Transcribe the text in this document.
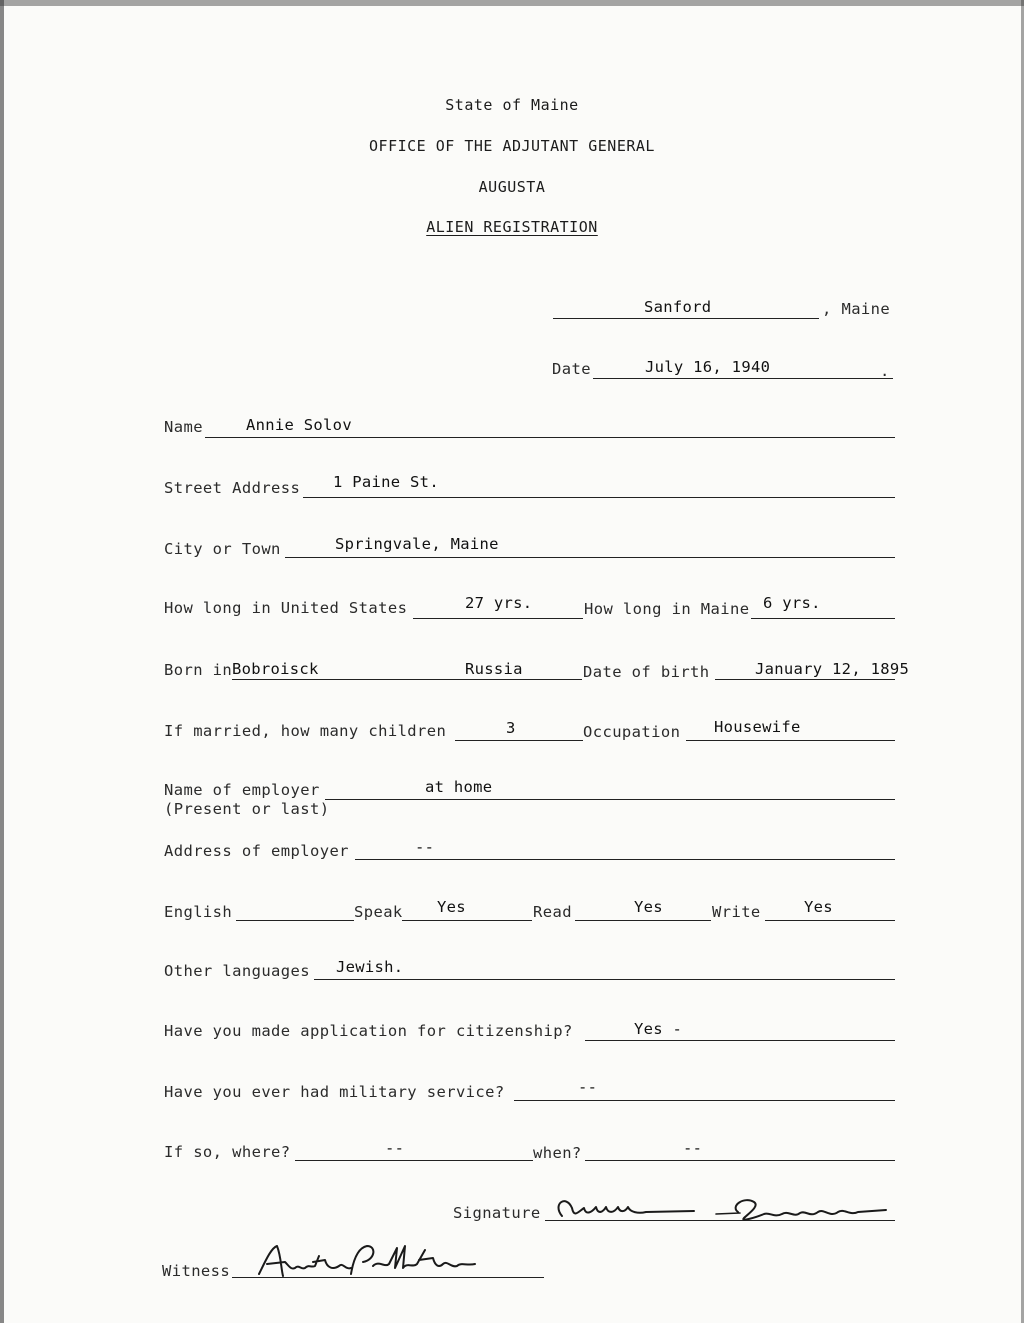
State of Maine
OFFICE OF THE ADJUTANT GENERAL
AUGUSTA
ALIEN REGISTRATION
Sanford	, Maine
Date	July 16, 1940	.
Name	Annie Solov
Street Address 1 Paine St.
City or Town	Springvale, Maine
How long in United States	27 yrs.	How long in Maine 6 yrs.
Born in Bobroisck	Russia	Date of birth	January 12, 1895
If married, how many children	3	Occupation Housewife
Name of employer
(Present or last)
at home
Address of employer	--
English	Speak Yes	Read	Yes	Write	Yes
Other languages Jewish.
Have you made application for citizenship?	Yes -
Have you ever had military service?	--
If so, where?	--	when?	--
Signature
Witness
